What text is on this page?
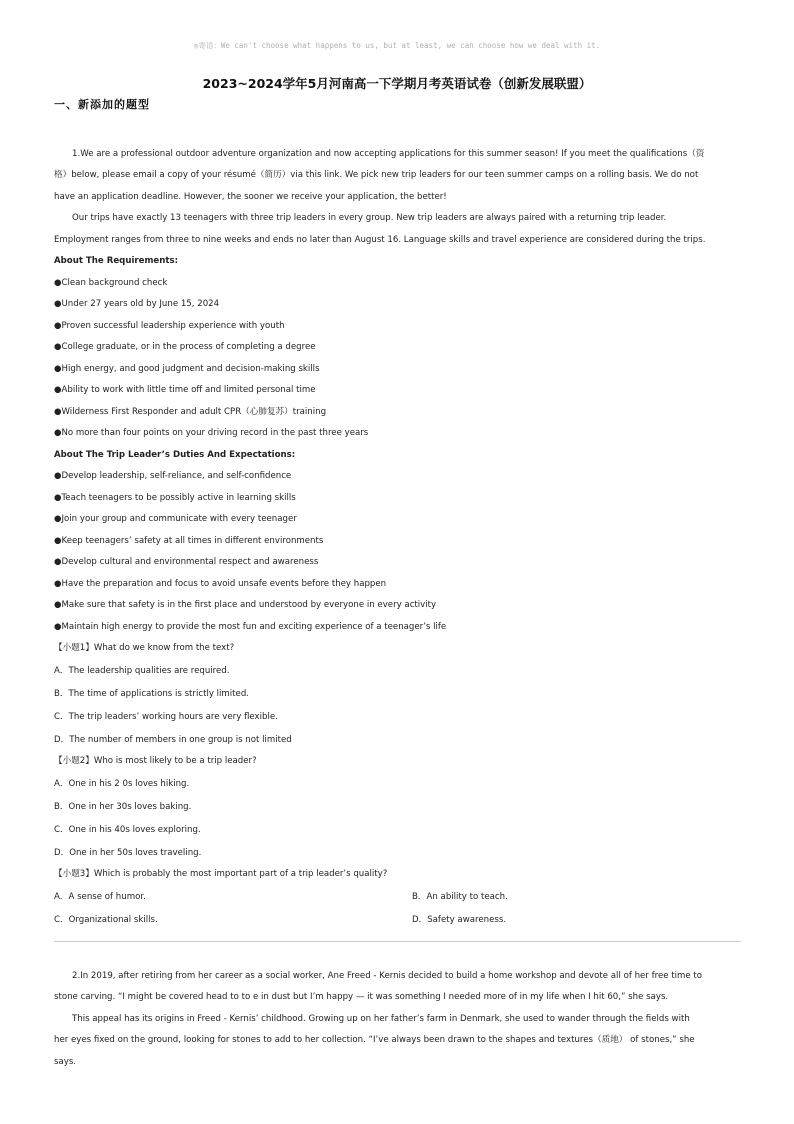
◎寄语：We can't choose what happens to us, but at least, we can choose how we deal with it.
2023~2024学年5月河南高一下学期月考英语试卷（创新发展联盟）
一、新添加的题型
1.We are a professional outdoor adventure organization and now accepting applications for this summer season! If you meet the qualifications（资
格）below, please email a copy of your résumé（简历）via this link. We pick new trip leaders for our teen summer camps on a rolling basis. We do not
have an application deadline. However, the sooner we receive your application, the better!
Our trips have exactly 13 teenagers with three trip leaders in every group. New trip leaders are always paired with a returning trip leader.
Employment ranges from three to nine weeks and ends no later than August 16. Language skills and travel experience are considered during the trips.
About The Requirements:
●Clean background check
●Under 27 years old by June 15, 2024
●Proven successful leadership experience with youth
●College graduate, or in the process of completing a degree
●High energy, and good judgment and decision-making skills
●Ability to work with little time off and limited personal time
●Wilderness First Responder and adult CPR（心肺复苏）training
●No more than four points on your driving record in the past three years
About The Trip Leader’s Duties And Expectations:
●Develop leadership, self-reliance, and self-confidence
●Teach teenagers to be possibly active in learning skills
●Join your group and communicate with every teenager
●Keep teenagers’ safety at all times in different environments
●Develop cultural and environmental respect and awareness
●Have the preparation and focus to avoid unsafe events before they happen
●Make sure that safety is in the first place and understood by everyone in every activity
●Maintain high energy to provide the most fun and exciting experience of a teenager’s life
【小题1】What do we know from the text?
A．The leadership qualities are required.
B．The time of applications is strictly limited.
C．The trip leaders’ working hours are very flexible.
D．The number of members in one group is not limited
【小题2】Who is most likely to be a trip leader?
A．One in his 2 0s loves hiking.
B．One in her 30s loves baking.
C．One in his 40s loves exploring.
D．One in her 50s loves traveling.
【小题3】Which is probably the most important part of a trip leader’s quality?
A．A sense of humor.	B．An ability to teach.
C．Organizational skills.	D．Safety awareness.
2.In 2019, after retiring from her career as a social worker, Ane Freed - Kernis decided to build a home workshop and devote all of her free time to
stone carving. “I might be covered head to to e in dust but I’m happy — it was something I needed more of in my life when I hit 60,” she says.
This appeal has its origins in Freed - Kernis’ childhood. Growing up on her father’s farm in Denmark, she used to wander through the fields with
her eyes fixed on the ground, looking for stones to add to her collection. “I’ve always been drawn to the shapes and textures（质地） of stones,” she
says.
